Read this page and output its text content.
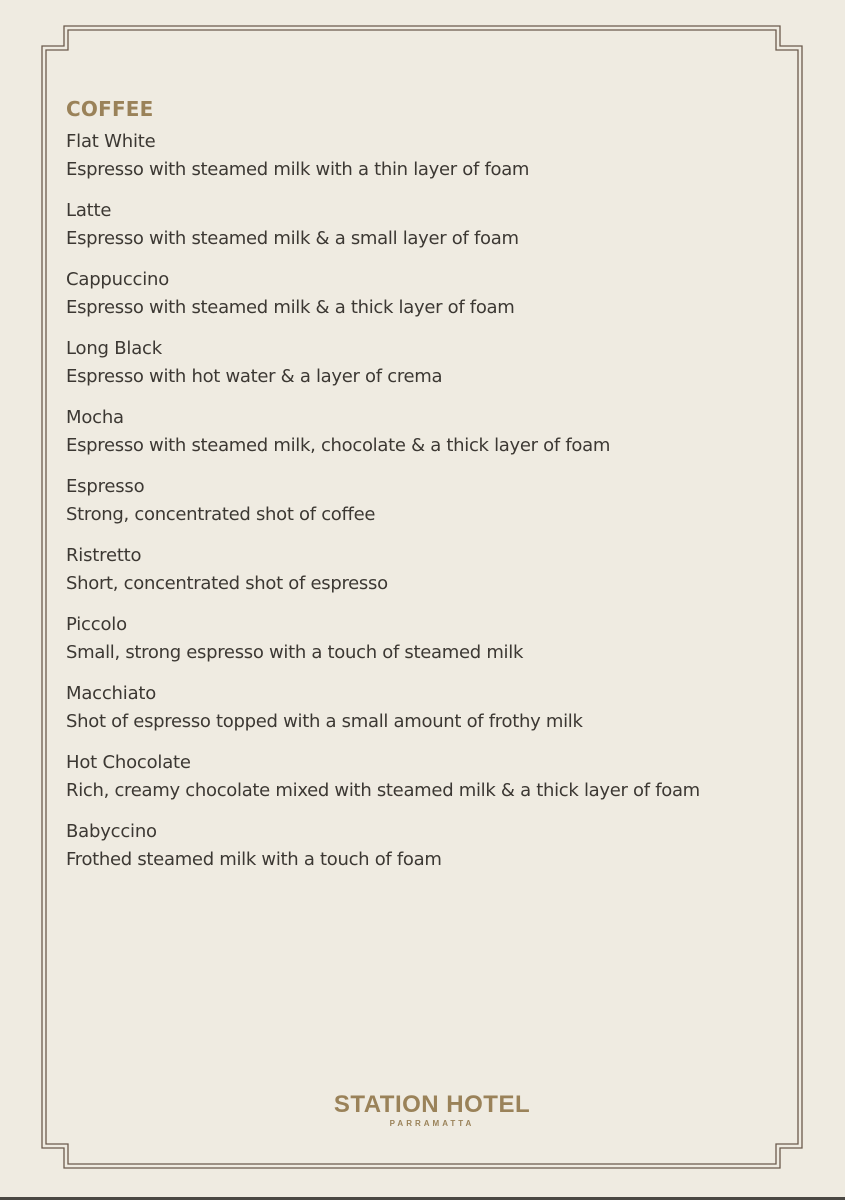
COFFEE
Flat White
Espresso with steamed milk with a thin layer of foam
Latte
Espresso with steamed milk & a small layer of foam
Cappuccino
Espresso with steamed milk & a thick layer of foam
Long Black
Espresso with hot water & a layer of crema
Mocha
Espresso with steamed milk, chocolate & a thick layer of foam
Espresso
Strong, concentrated shot of coffee
Ristretto
Short, concentrated shot of espresso
Piccolo
Small, strong espresso with a touch of steamed milk
Macchiato
Shot of espresso topped with a small amount of frothy milk
Hot Chocolate
Rich, creamy chocolate mixed with steamed milk & a thick layer of foam
Babyccino
Frothed steamed milk with a touch of foam
STATION HOTEL
PARRAMATTA
